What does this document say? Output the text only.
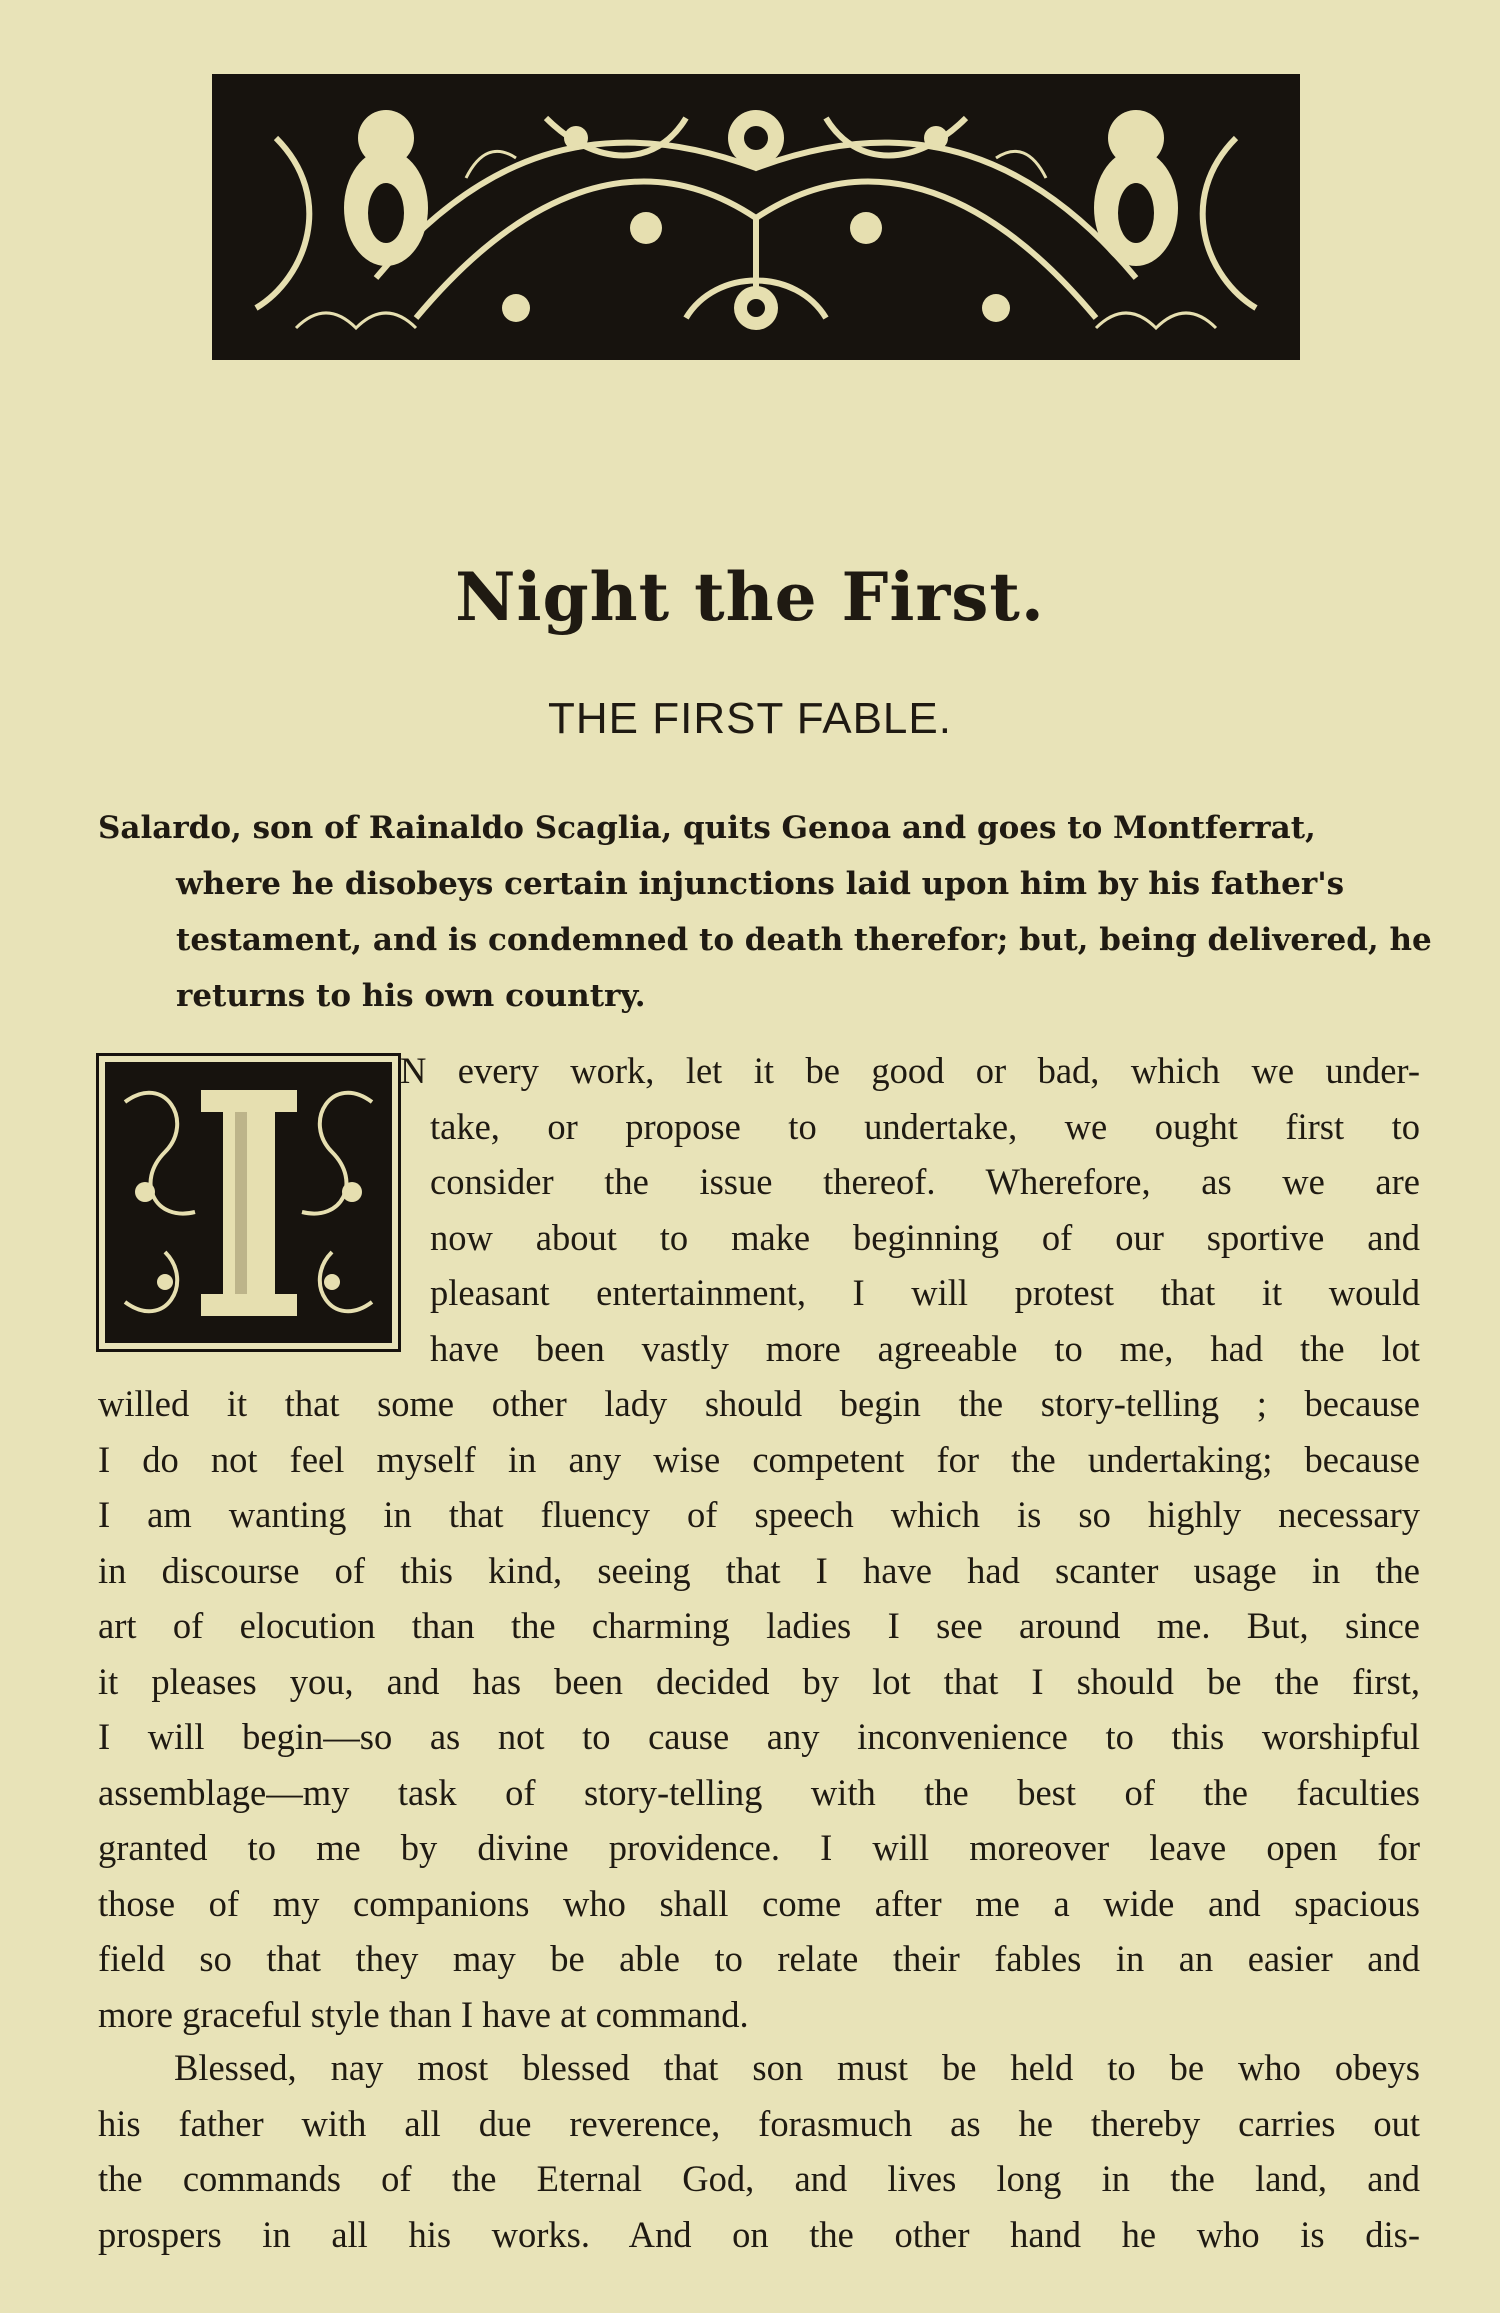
Night the First.
THE FIRST FABLE.
Salardo, son of Rainaldo Scaglia, quits Genoa and goes to Montferrat,
where he disobeys certain injunctions laid upon him by his father's
testament, and is condemned to death therefor; but, being delivered, he
returns to his own country.
N every work, let it be good or bad, which we under-
take, or propose to undertake, we ought first to
consider the issue thereof. Wherefore, as we are
now about to make beginning of our sportive and
pleasant entertainment, I will protest that it would
have been vastly more agreeable to me, had the lot
willed it that some other lady should begin the story-telling ; because
I do not feel myself in any wise competent for the undertaking; because
I am wanting in that fluency of speech which is so highly necessary
in discourse of this kind, seeing that I have had scanter usage in the
art of elocution than the charming ladies I see around me. But, since
it pleases you, and has been decided by lot that I should be the first,
I will begin—so as not to cause any inconvenience to this worshipful
assemblage—my task of story-telling with the best of the faculties
granted to me by divine providence. I will moreover leave open for
those of my companions who shall come after me a wide and spacious
field so that they may be able to relate their fables in an easier and
more graceful style than I have at command.
Blessed, nay most blessed that son must be held to be who obeys
his father with all due reverence, forasmuch as he thereby carries out
the commands of the Eternal God, and lives long in the land, and
prospers in all his works. And on the other hand he who is dis-
